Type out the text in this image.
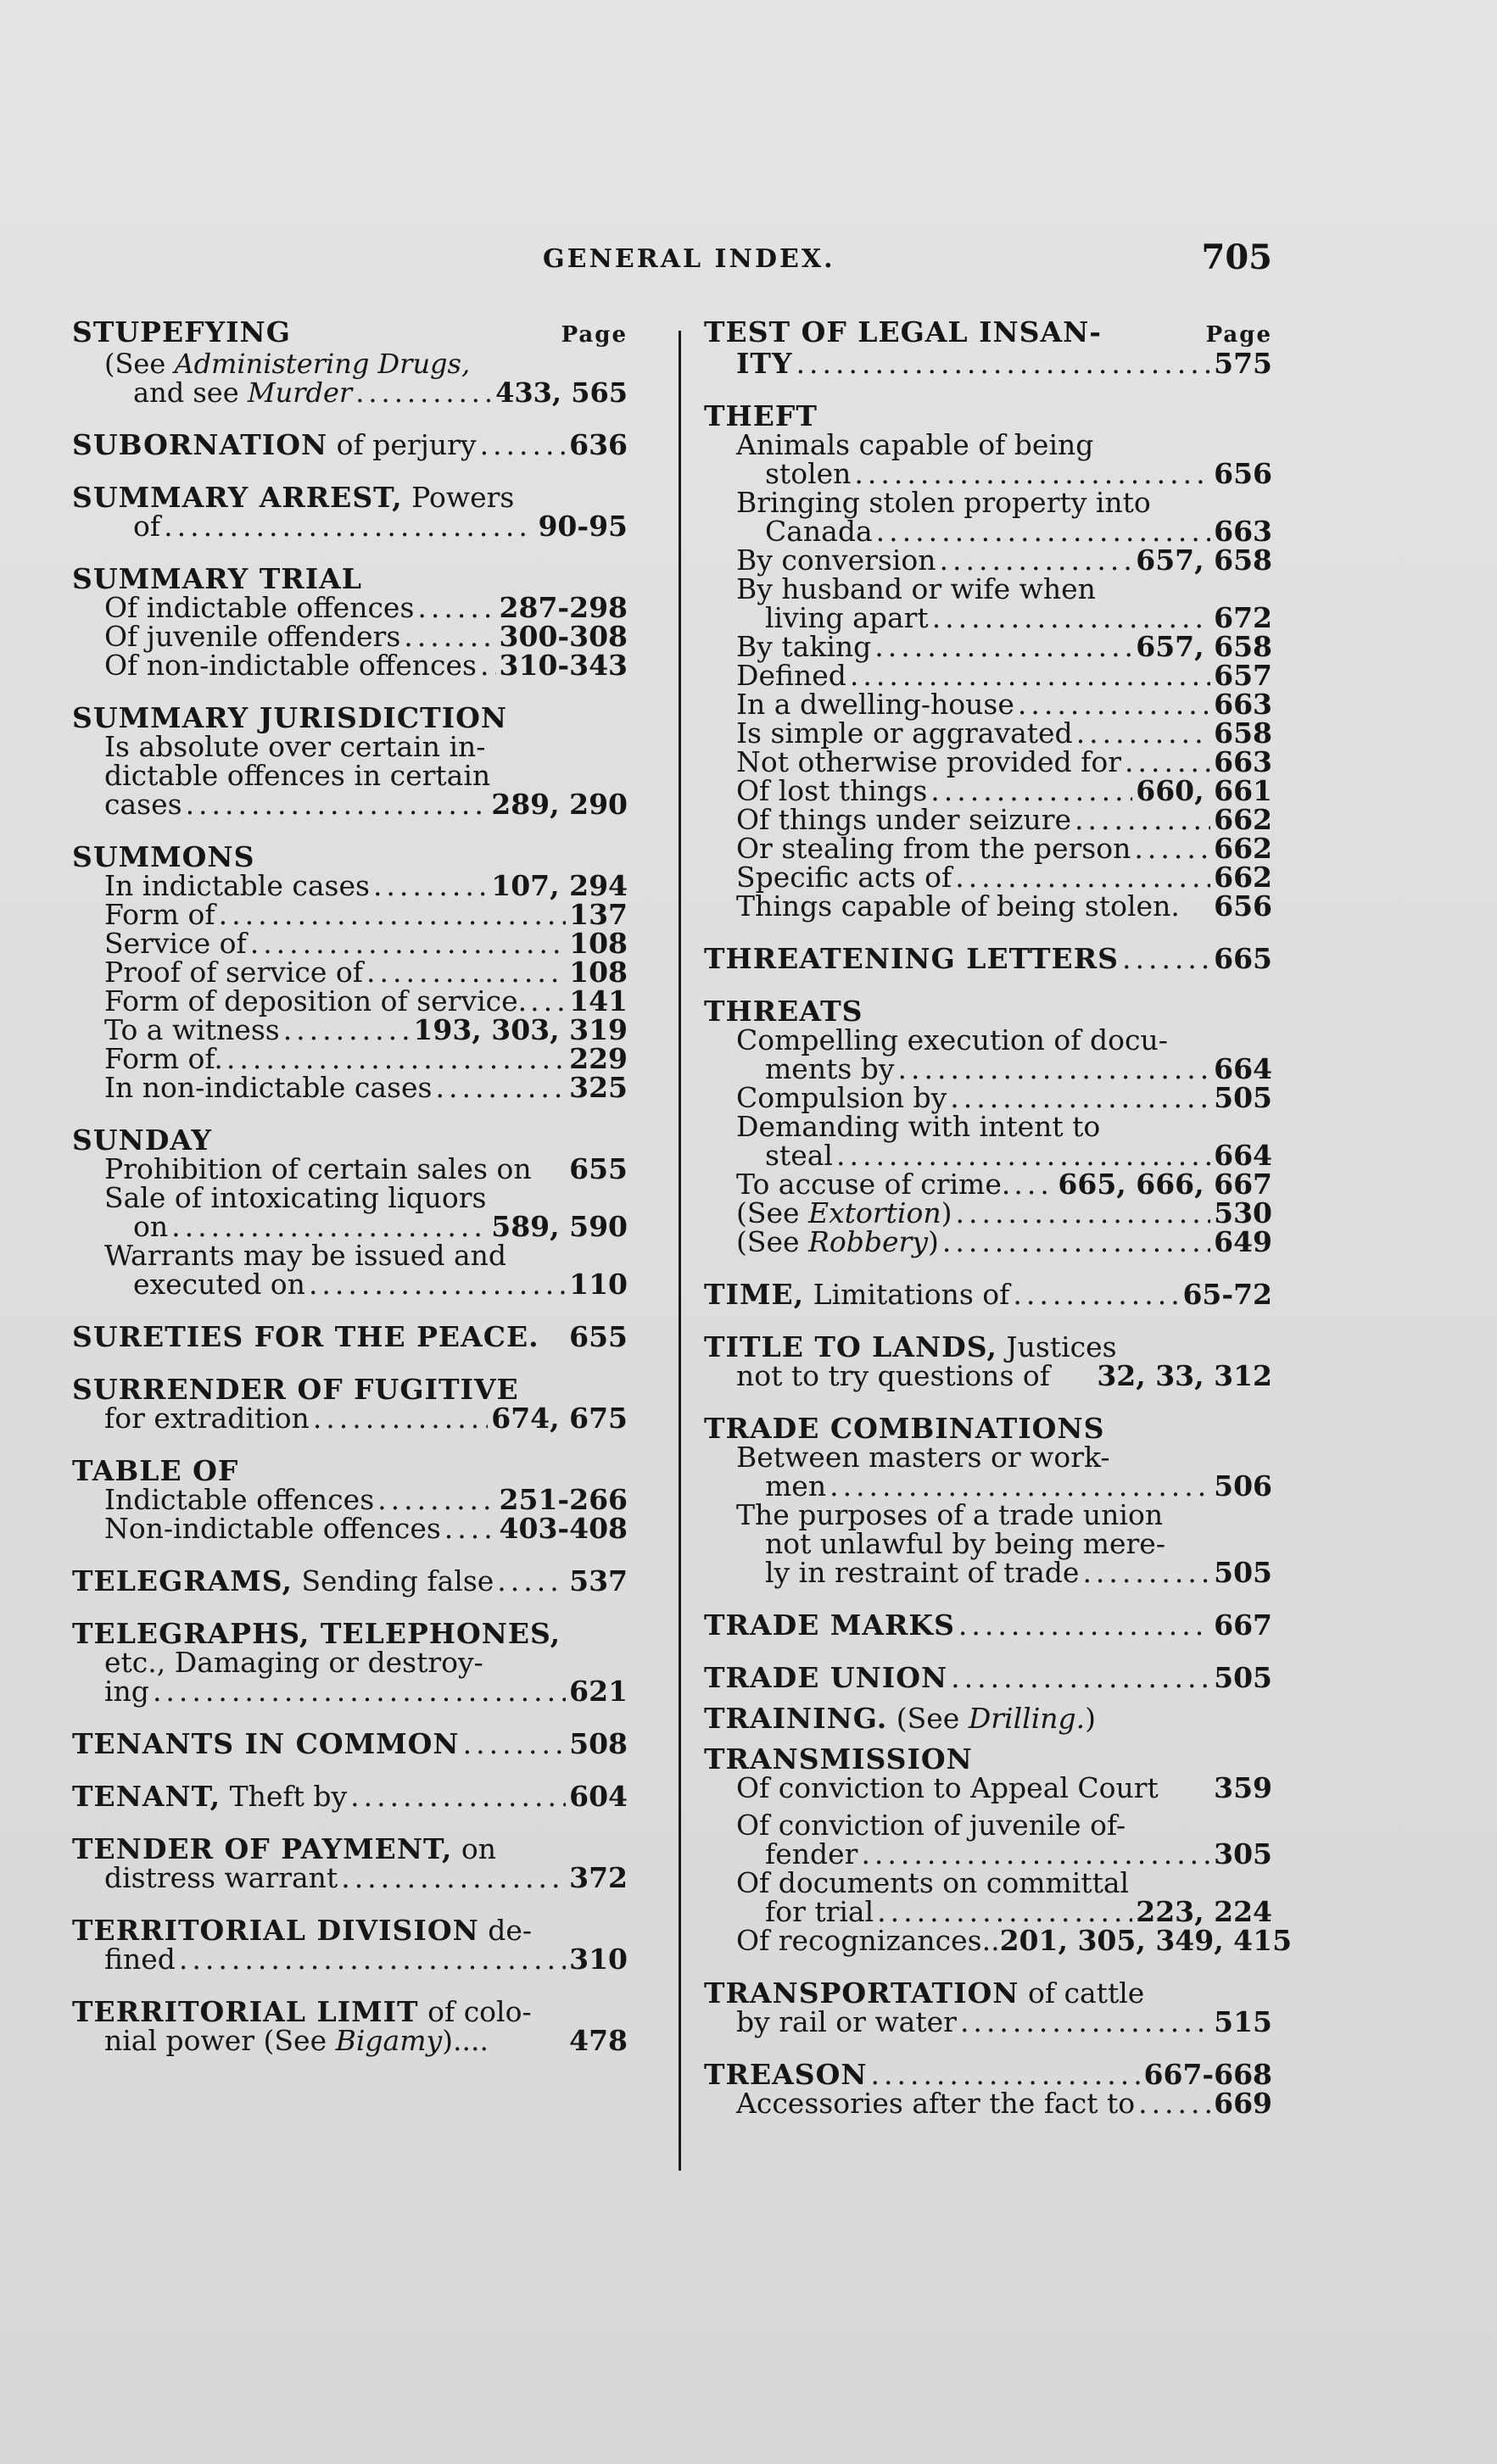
GENERAL INDEX.	705
STUPEFYING	Page
(See Administering Drugs,
and see Murder .....	433, 565
SUBORNATION of perjury .....	636
SUMMARY ARREST, Powers
of .....	90-95
SUMMARY TRIAL
Of indictable offences .....	287-298
Of juvenile offenders .....	300-308
Of non-indictable offences ..... 310-343
SUMMARY JURISDICTION
Is absolute over certain in-
dictable offences in certain
cases .....	289, 290
SUMMONS
In indictable cases .....	107, 294
Form of .....	137
Service of .....	108
Proof of service of .....	108
Form of deposition of service. ..... 141
To a witness .....	193, 303, 319
Form of. .....	229
In non-indictable cases .....	325
SUNDAY
Prohibition of certain sales on 655
Sale of intoxicating liquors
on .....	589, 590
Warrants may be issued and
executed on .....	110
SURETIES FOR THE PEACE. 655
SURRENDER OF FUGITIVE
for extradition .....	674, 675
TABLE OF
Indictable offences .....	251-266
Non-indictable offences ..... 403-408
TELEGRAMS, Sending false .....	537
TELEGRAPHS, TELEPHONES,
etc., Damaging or destroy-
ing .....	621
TENANTS IN COMMON .....	508
TENANT, Theft by .....	604
TENDER OF PAYMENT, on
distress warrant .....	372
TERRITORIAL DIVISION de-
fined .....	310
TERRITORIAL LIMIT of colo-
nial power (See Bigamy)....	478
TEST OF LEGAL INSAN-	Page
ITY .....	575
THEFT
Animals capable of being
stolen .....	656
Bringing stolen property into
Canada .....	663
By conversion .....	657, 658
By husband or wife when
living apart .....	672
By taking .....	657, 658
Defined .....	657
In a dwelling-house .....	663
Is simple or aggravated .....	658
Not otherwise provided for .....	663
Of lost things .....	660, 661
Of things under seizure .....	662
Or stealing from the person .....	662
Specific acts of .....	662
Things capable of being stolen. 656
THREATENING LETTERS .....	665
THREATS
Compelling execution of docu-
ments by .....	664
Compulsion by .....	505
Demanding with intent to
steal .....	664
To accuse of crime. ..... 665, 666, 667
(See Extortion) .....	530
(See Robbery) .....	649
TIME, Limitations of .....	65-72
TITLE TO LANDS, Justices
not to try questions of 32, 33, 312
TRADE COMBINATIONS
Between masters or work-
men .....	506
The purposes of a trade union
not unlawful by being mere-
ly in restraint of trade .....	505
TRADE MARKS .....	667
TRADE UNION .....	505
TRAINING. (See Drilling.)
TRANSMISSION
Of conviction to Appeal Court 359
Of conviction of juvenile of-
fender .....	305
Of documents on committal
for trial .....	223, 224
Of recognizances.. 201, 305, 349, 415
TRANSPORTATION of cattle
by rail or water .....	515
TREASON .....	667-668
Accessories after the fact to .....	669
